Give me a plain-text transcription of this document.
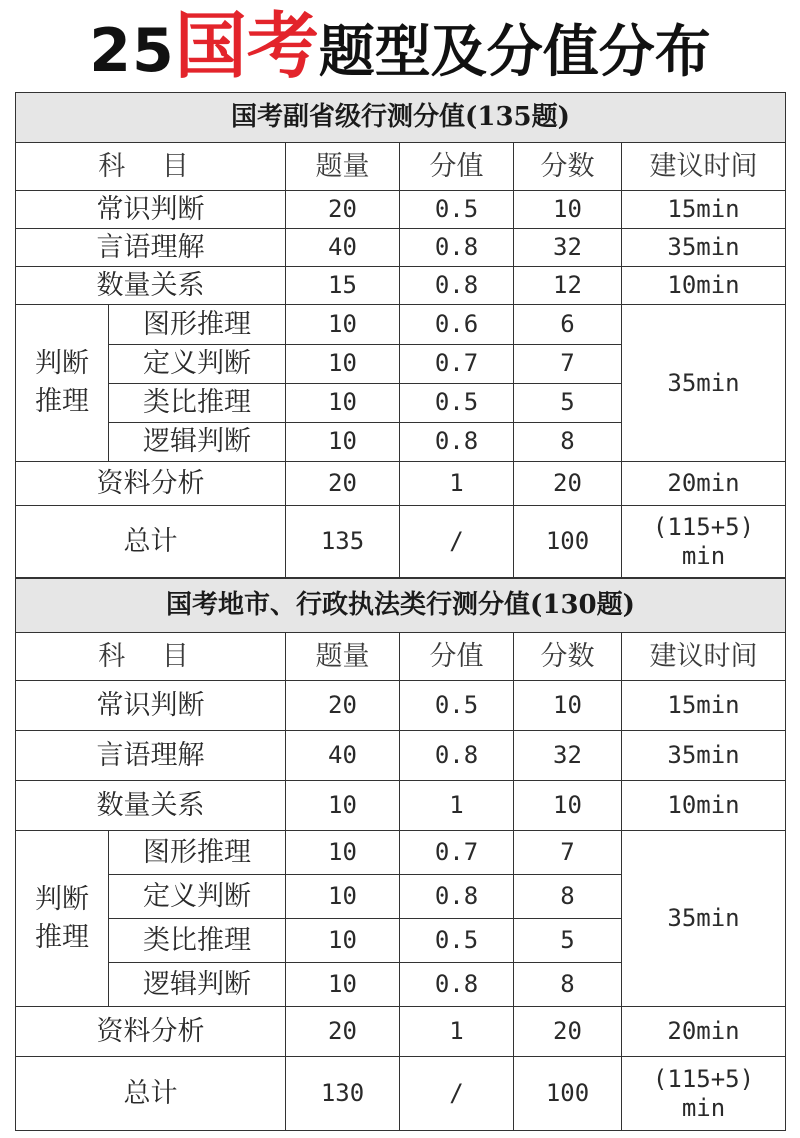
25国考题型及分值分布
国考副省级行测分值(135题)					
科 目		题量	分值	分数	建议时间
常识判断		20	0.5	10	15min
言语理解		40	0.8	32	35min
数量关系		15	0.8	12	10min
判断推理	图形推理	10	0.6	6	35min
	定义判断	10	0.7	7	
	类比推理	10	0.5	5	
	逻辑判断	10	0.8	8	
资料分析		20	1	20	20min
总计		135	/	100	(115+5)
min
国考地市、行政执法类行测分值(130题)					
科 目		题量	分值	分数	建议时间
常识判断		20	0.5	10	15min
言语理解		40	0.8	32	35min
数量关系		10	1	10	10min
判断推理	图形推理	10	0.7	7	35min
	定义判断	10	0.8	8	
	类比推理	10	0.5	5	
	逻辑判断	10	0.8	8	
资料分析		20	1	20	20min
总计		130	/	100	(115+5)
min
